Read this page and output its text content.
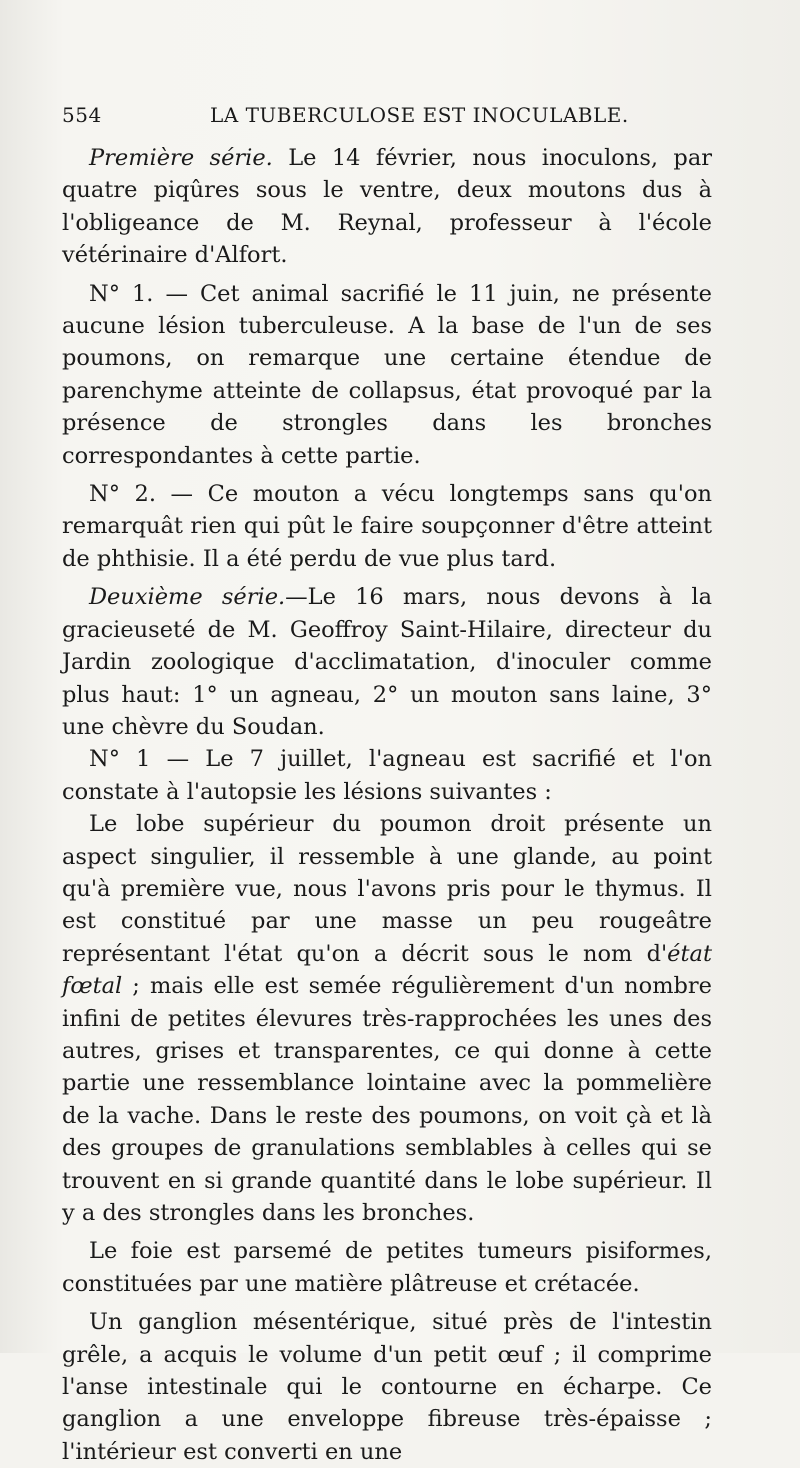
554	LA TUBERCULOSE EST INOCULABLE.

Première série. Le 14 février, nous inoculons, par quatre piqûres sous le ventre, deux moutons dus à l'obligeance de M. Reynal, professeur à l'école vétérinaire d'Alfort.

N° 1. — Cet animal sacrifié le 11 juin, ne présente aucune lésion tuberculeuse. A la base de l'un de ses poumons, on remarque une certaine étendue de parenchyme atteinte de collapsus, état provoqué par la présence de strongles dans les bronches correspondantes à cette partie.

N° 2. — Ce mouton a vécu longtemps sans qu'on remarquât rien qui pût le faire soupçonner d'être atteint de phthisie. Il a été perdu de vue plus tard.

Deuxième série.—Le 16 mars, nous devons à la gracieuseté de M. Geoffroy Saint-Hilaire, directeur du Jardin zoologique d'acclimatation, d'inoculer comme plus haut: 1° un agneau, 2° un mouton sans laine, 3° une chèvre du Soudan.

N° 1 — Le 7 juillet, l'agneau est sacrifié et l'on constate à l'autopsie les lésions suivantes :

Le lobe supérieur du poumon droit présente un aspect singulier, il ressemble à une glande, au point qu'à première vue, nous l'avons pris pour le thymus. Il est constitué par une masse un peu rougeâtre représentant l'état qu'on a décrit sous le nom d'état fœtal ; mais elle est semée régulièrement d'un nombre infini de petites élevures très-rapprochées les unes des autres, grises et transparentes, ce qui donne à cette partie une ressemblance lointaine avec la pommelière de la vache. Dans le reste des poumons, on voit çà et là des groupes de granulations semblables à celles qui se trouvent en si grande quantité dans le lobe supérieur. Il y a des strongles dans les bronches.

Le foie est parsemé de petites tumeurs pisiformes, constituées par une matière plâtreuse et crétacée.

Un ganglion mésentérique, situé près de l'intestin grêle, a acquis le volume d'un petit œuf ; il comprime l'anse intestinale qui le contourne en écharpe. Ce ganglion a une enveloppe fibreuse très-épaisse ; l'intérieur est converti en une
